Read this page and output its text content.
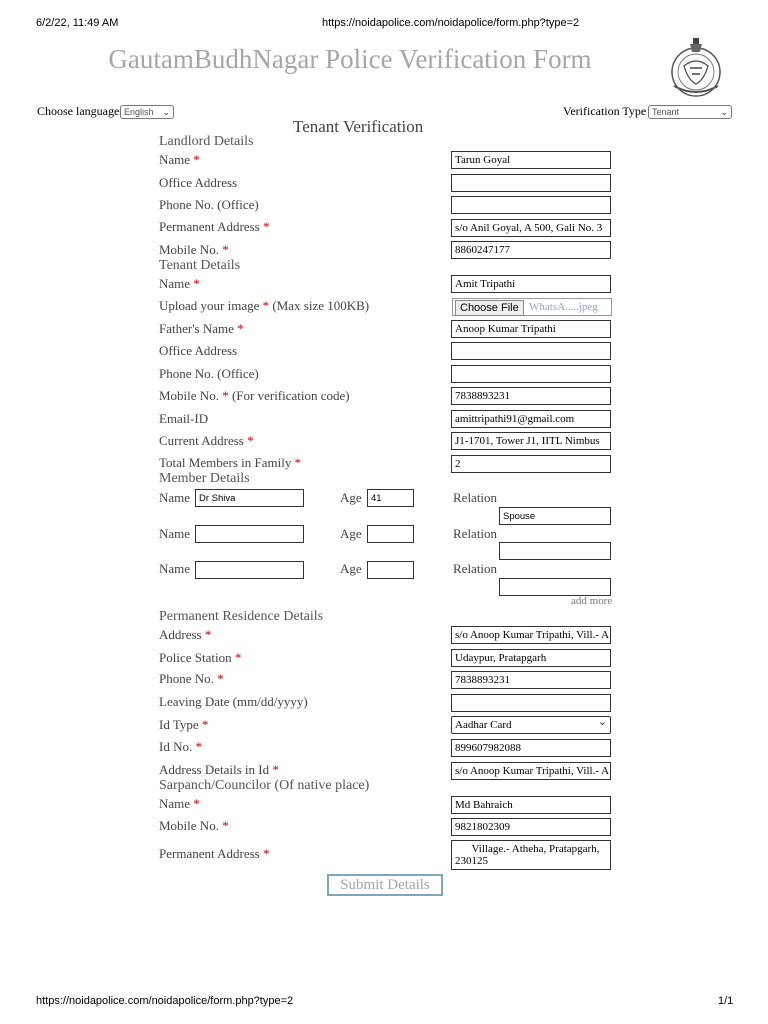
6/2/22, 11:49 AM	https://noidapolice.com/noidapolice/form.php?type=2
https://noidapolice.com/noidapolice/form.php?type=2	1/1
GautamBudhNagar Police Verification Form
Choose language English ⌄	Verification Type Tenant	⌄
Tenant Verification
Landlord Details
Name *	Tarun Goyal
Office Address
Phone No. (Office)
Permanent Address *	s/o Anil Goyal, A 500, Gali No. 3
Mobile No. *	8860247177
Tenant Details
Name *	Amit Tripathi
Upload your image * (Max size 100KB)	Choose File WhatsA.....jpeg
Father's Name *	Anoop Kumar Tripathi
Office Address
Phone No. (Office)
Mobile No. * (For verification code)	7838893231
Email-ID	amittripathi91@gmail.com
Current Address *	J1-1701, Tower J1, IITL Nimbus
Total Members in Family *	2
Member Details
Name Dr Shiva	Age 41	Relation
Spouse
Name	Age	Relation
Name	Age	Relation
add more
Permanent Residence Details
Address *	s/o Anoop Kumar Tripathi, Vill.- A
Police Station *	Udaypur, Pratapgarh
Phone No. *	7838893231
Leaving Date (mm/dd/yyyy)
Id Type *	Aadhar Card	⌄
Id No. *	899607982088
Address Details in Id *	s/o Anoop Kumar Tripathi, Vill.- A
Sarpanch/Councilor (Of native place)
Name *	Md Bahraich
Mobile No. *	9821802309
Permanent Address *	Village.- Atheha, Pratapgarh, 230125
Submit Details
